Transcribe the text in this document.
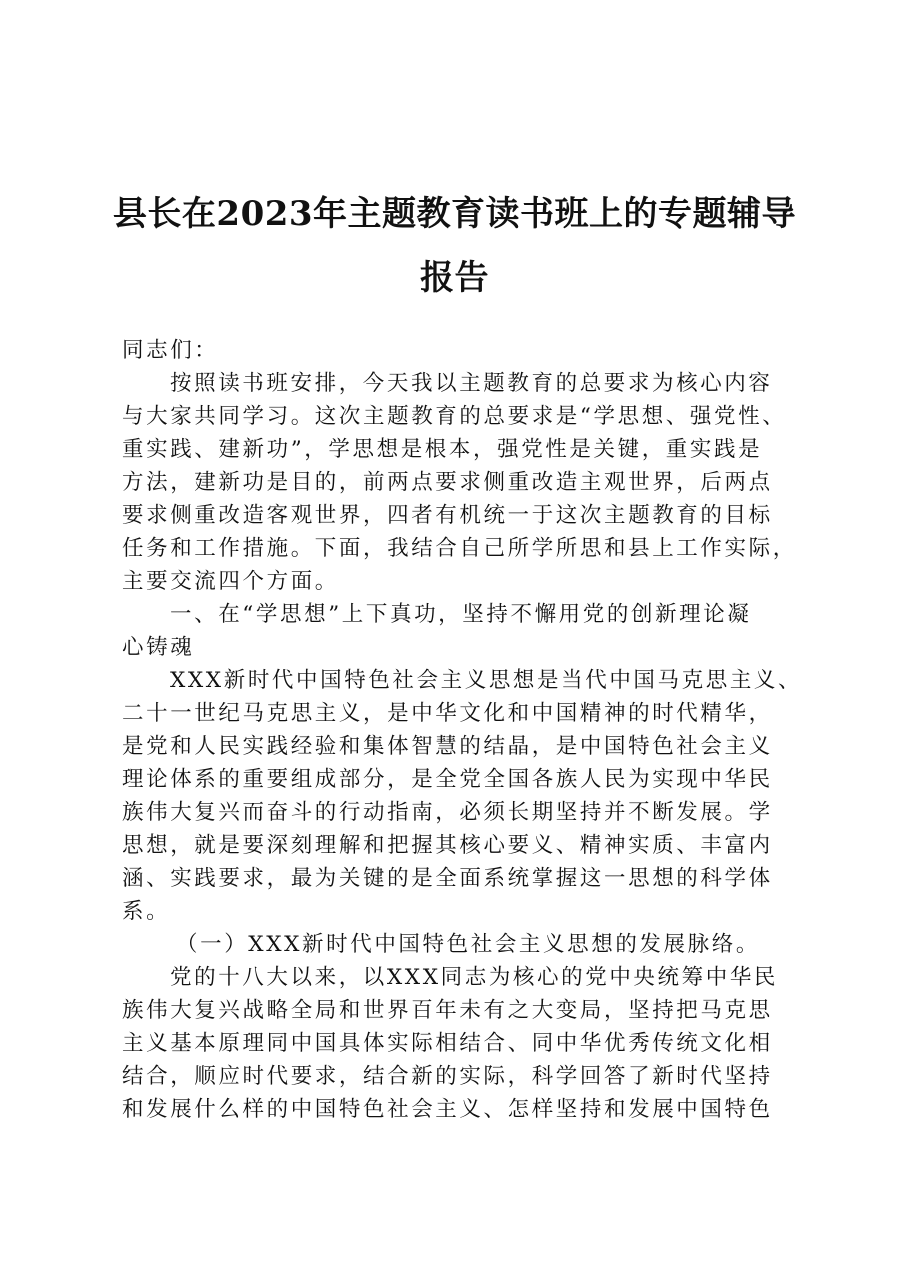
县长在2023年主题教育读书班上的专题辅导
报告
同志们：
按照读书班安排，今天我以主题教育的总要求为核心内容
与大家共同学习。这次主题教育的总要求是“学思想、强党性、
重实践、建新功”，学思想是根本，强党性是关键，重实践是
方法，建新功是目的，前两点要求侧重改造主观世界，后两点
要求侧重改造客观世界，四者有机统一于这次主题教育的目标
任务和工作措施。下面，我结合自己所学所思和县上工作实际，
主要交流四个方面。
一、在“学思想”上下真功，坚持不懈用党的创新理论凝
心铸魂
XXX新时代中国特色社会主义思想是当代中国马克思主义、
二十一世纪马克思主义，是中华文化和中国精神的时代精华，
是党和人民实践经验和集体智慧的结晶，是中国特色社会主义
理论体系的重要组成部分，是全党全国各族人民为实现中华民
族伟大复兴而奋斗的行动指南，必须长期坚持并不断发展。学
思想，就是要深刻理解和把握其核心要义、精神实质、丰富内
涵、实践要求，最为关键的是全面系统掌握这一思想的科学体
系。
（一）XXX新时代中国特色社会主义思想的发展脉络。
党的十八大以来，以XXX同志为核心的党中央统筹中华民
族伟大复兴战略全局和世界百年未有之大变局，坚持把马克思
主义基本原理同中国具体实际相结合、同中华优秀传统文化相
结合，顺应时代要求，结合新的实际，科学回答了新时代坚持
和发展什么样的中国特色社会主义、怎样坚持和发展中国特色
